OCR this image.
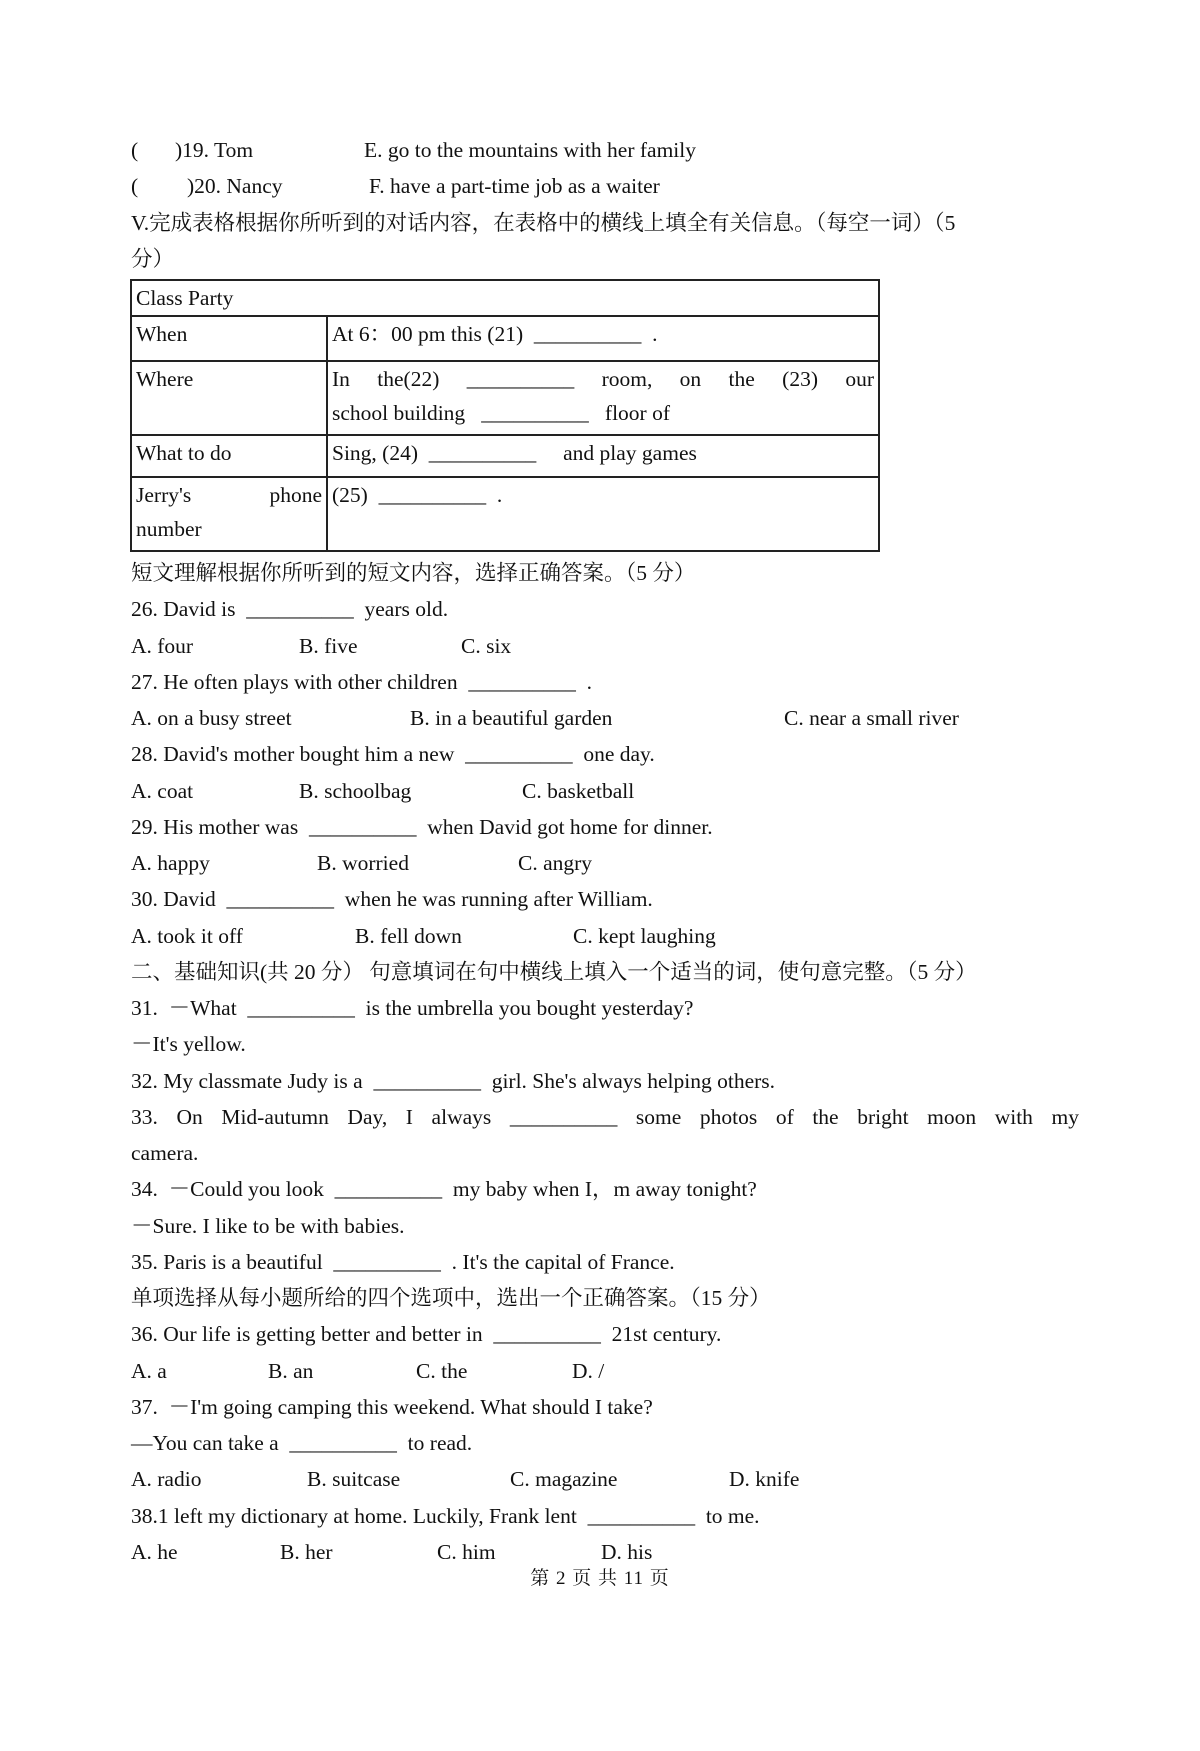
(

)19. Tom

	E. go to the mountains with her family

(

)20. Nancy

	F. have a part-time job as a waiter

V.完成表格根据你所听到的对话内容，在表格中的横线上填全有关信息。（每空一词）（5
分）
Class Party	
When	At 6：00 pm this (21)  __________  .
Where	In the(22) __________ room, on the (23) our
school building   __________   floor of

What to do	Sing, (24)  __________     and play games

Jerry's phone
number	(25)  __________  .
短文理解根据你所听到的短文内容，选择正确答案。（5 分）
26. David is  __________  years old.

A. four

	B. five

	C. six

27. He often plays with other children  __________  .

A. on a busy street

	B. in a beautiful garden

	C. near a small river

28. David's mother bought him a new  __________  one day.

A. coat

	B. schoolbag

	C. basketball

29. His mother was  __________  when David got home for dinner.

A. happy

	B. worried

	C. angry

30. David  __________  when he was running after William.

A. took it off

	B. fell down

	C. kept laughing

二、基础知识(共 20 分） 句意填词在句中横线上填入一个适当的词，使句意完整。（5 分）
31.  －What  __________  is the umbrella you bought yesterday?
－It's yellow.
32. My classmate Judy is a  __________  girl. She's always helping others.
33. On Mid-autumn Day, I always __________ some photos of the bright moon with my
camera.
34.  －Could you look  __________  my baby when I，m away tonight?
－Sure. I like to be with babies.
35. Paris is a beautiful  __________  . It's the capital of France.
单项选择从每小题所给的四个选项中，选出一个正确答案。（15 分）
36. Our life is getting better and better in  __________  21st century.

A. a

	B. an

	C. the

	D. /

37.  －I'm going camping this weekend. What should I take?
—You can take a  __________  to read.

A. radio

	B. suitcase

	C. magazine

	D. knife

38.1 left my dictionary at home. Luckily, Frank lent  __________  to me.

A. he

	B. her

	C. him

	D. his

第 2 页 共 11 页
